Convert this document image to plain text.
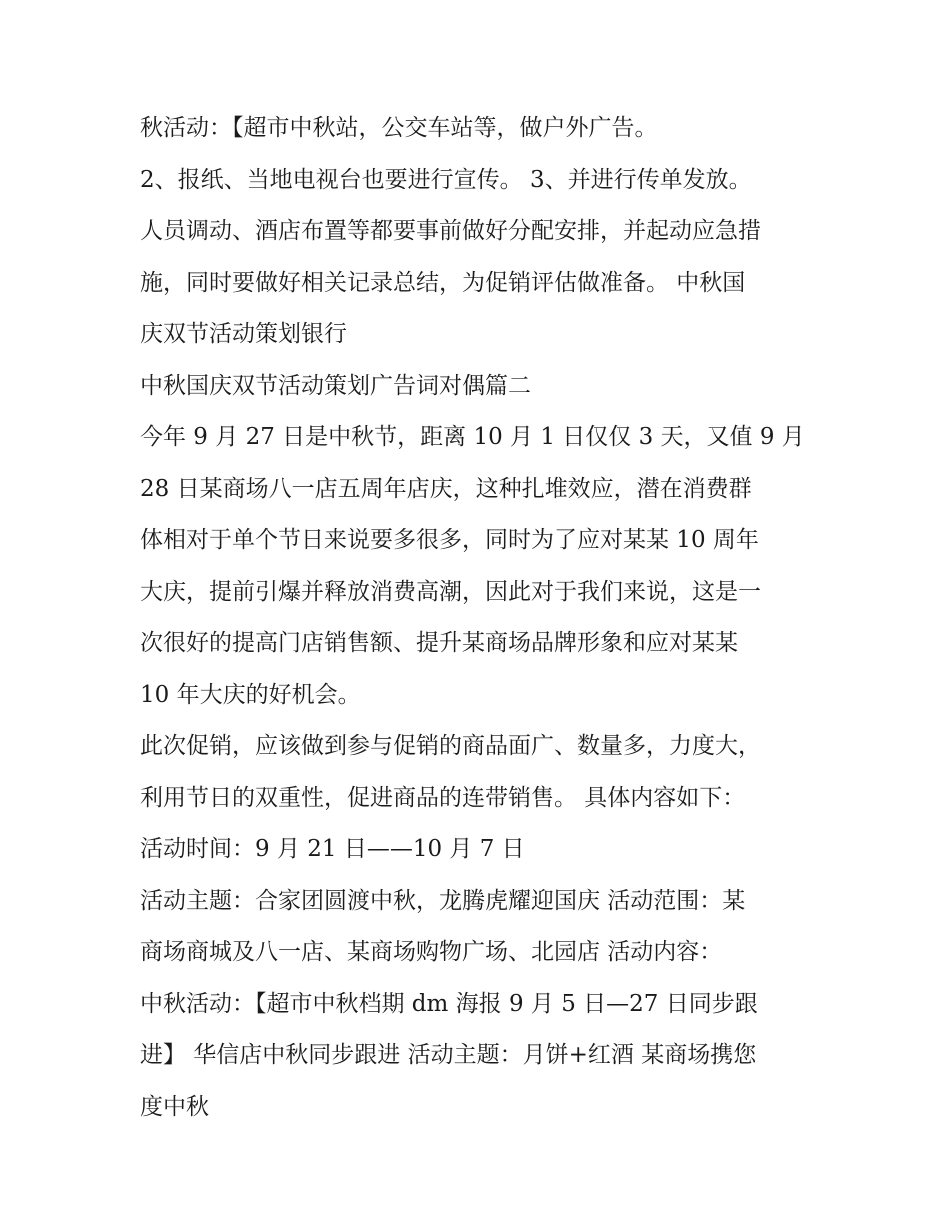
秋活动：【超市中秋站，公交车站等，做户外广告。

2、报纸、当地电视台也要进行宣传。 3、并进行传单发放。

人员调动、酒店布置等都要事前做好分配安排，并起动应急措

施，同时要做好相关记录总结，为促销评估做准备。 中秋国

庆双节活动策划银行

中秋国庆双节活动策划广告词对偶篇二

今年 9 月 27 日是中秋节，距离 10 月 1 日仅仅 3 天，又值 9 月

28 日某商场八一店五周年店庆，这种扎堆效应，潜在消费群

体相对于单个节日来说要多很多，同时为了应对某某 10 周年

大庆，提前引爆并释放消费高潮，因此对于我们来说，这是一

次很好的提高门店销售额、提升某商场品牌形象和应对某某

10 年大庆的好机会。

此次促销，应该做到参与促销的商品面广、数量多，力度大，

利用节日的双重性，促进商品的连带销售。 具体内容如下：

活动时间：9 月 21 日——10 月 7 日

活动主题：合家团圆渡中秋，龙腾虎耀迎国庆 活动范围：某

商场商城及八一店、某商场购物广场、北园店 活动内容：

中秋活动：【超市中秋档期 dm 海报 9 月 5 日—27 日同步跟

进】 华信店中秋同步跟进 活动主题：月饼+红酒 某商场携您

度中秋
